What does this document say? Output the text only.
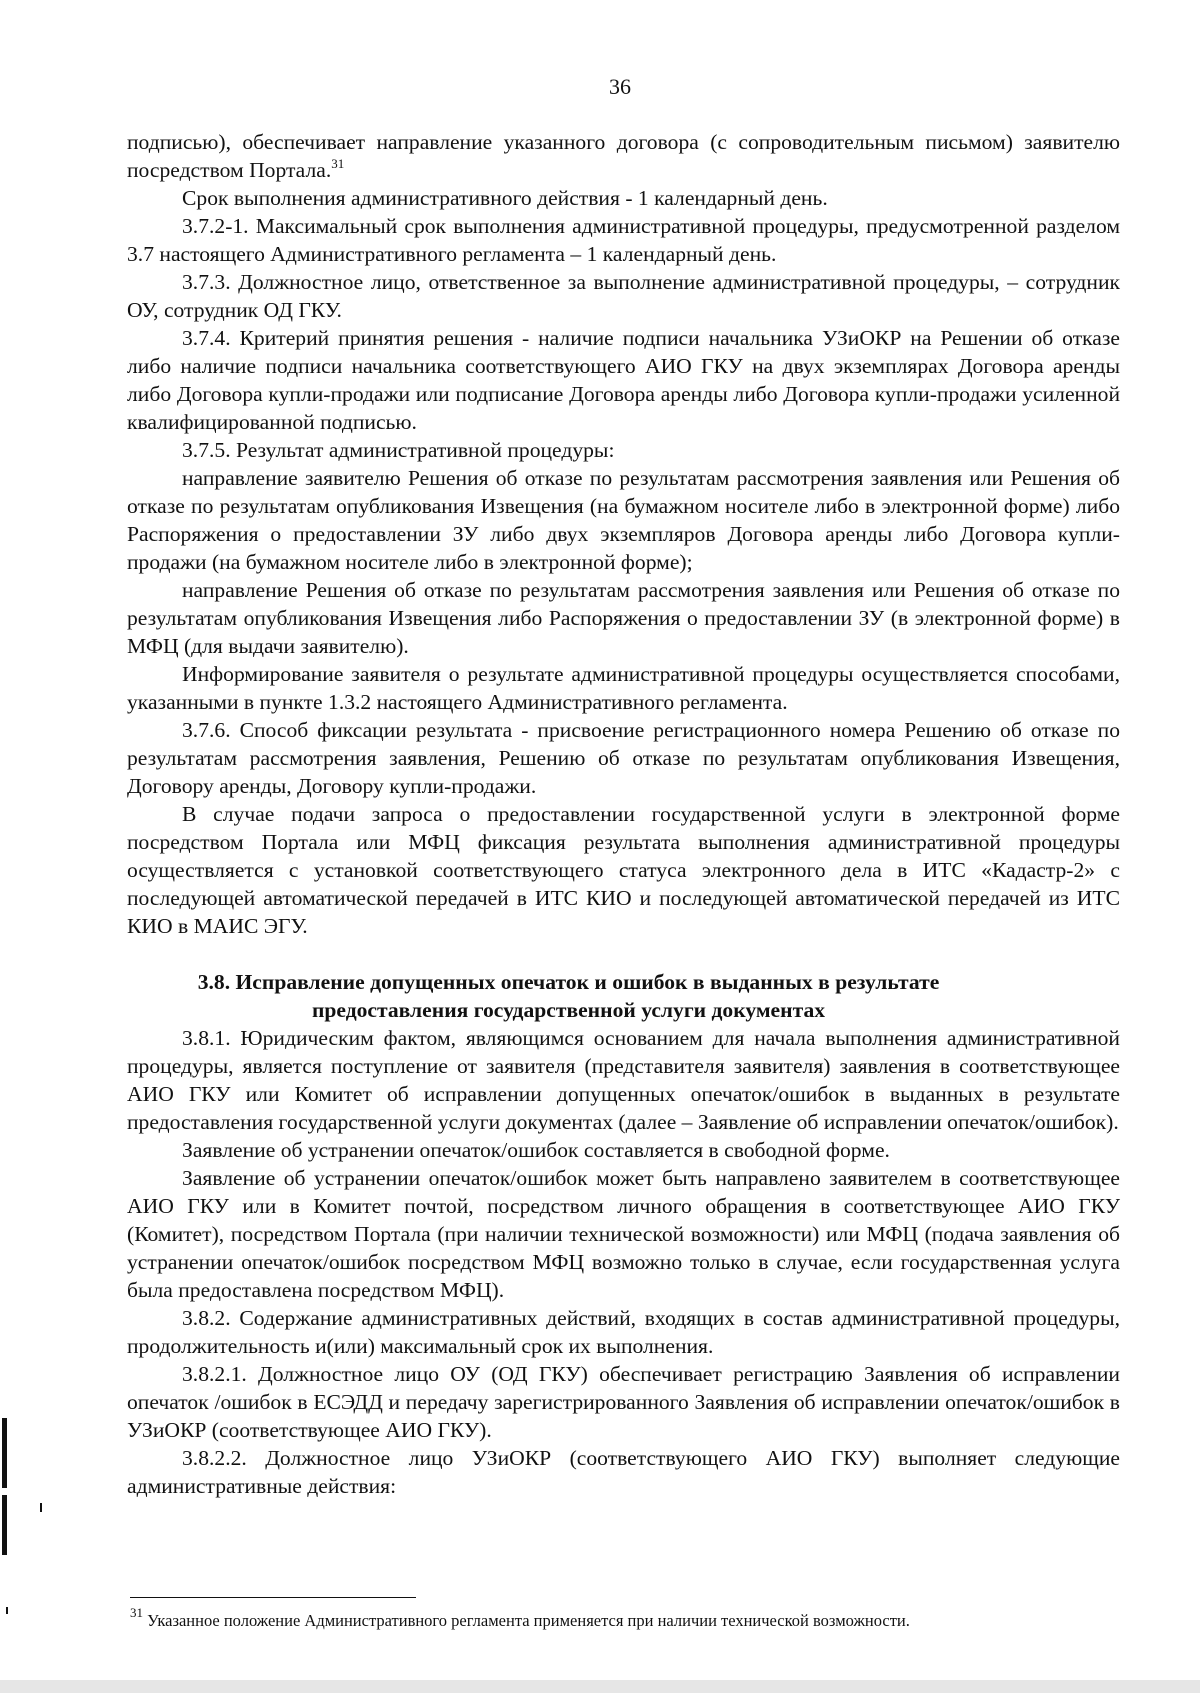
36

подписью), обеспечивает направление указанного договора (с сопроводительным письмом) заявителю посредством Портала.$^{31}$

Срок выполнения административного действия - 1 календарный день.

3.7.2-1. Максимальный срок выполнения административной процедуры, предусмотренной разделом 3.7 настоящего Административного регламента – 1 календарный день.

3.7.3. Должностное лицо, ответственное за выполнение административной процедуры, – сотрудник ОУ, сотрудник ОД ГКУ.

3.7.4. Критерий принятия решения - наличие подписи начальника УЗиОКР на Решении об отказе либо наличие подписи начальника соответствующего АИО ГКУ на двух экземплярах Договора аренды либо Договора купли-продажи или подписание Договора аренды либо Договора купли-продажи усиленной квалифицированной подписью.

3.7.5. Результат административной процедуры:

направление заявителю Решения об отказе по результатам рассмотрения заявления или Решения об отказе по результатам опубликования Извещения (на бумажном носителе либо в электронной форме) либо Распоряжения о предоставлении ЗУ либо двух экземпляров Договора аренды либо Договора купли-продажи (на бумажном носителе либо в электронной форме);

направление Решения об отказе по результатам рассмотрения заявления или Решения об отказе по результатам опубликования Извещения либо Распоряжения о предоставлении ЗУ (в электронной форме) в МФЦ (для выдачи заявителю).

Информирование заявителя о результате административной процедуры осуществляется способами, указанными в пункте 1.3.2 настоящего Административного регламента.

3.7.6. Способ фиксации результата - присвоение регистрационного номера Решению об отказе по результатам рассмотрения заявления, Решению об отказе по результатам опубликования Извещения, Договору аренды, Договору купли-продажи.

В случае подачи запроса о предоставлении государственной услуги в электронной форме посредством Портала или МФЦ фиксация результата выполнения административной процедуры осуществляется с установкой соответствующего статуса электронного дела в ИТС «Кадастр-2» с последующей автоматической передачей в ИТС КИО и последующей автоматической передачей из ИТС КИО в МАИС ЭГУ.

3.8. Исправление допущенных опечаток и ошибок в выданных в результате предоставления государственной услуги документах

3.8.1. Юридическим фактом, являющимся основанием для начала выполнения административной процедуры, является поступление от заявителя (представителя заявителя) заявления в соответствующее АИО ГКУ или Комитет об исправлении допущенных опечаток/ошибок в выданных в результате предоставления государственной услуги документах (далее – Заявление об исправлении опечаток/ошибок).

Заявление об устранении опечаток/ошибок составляется в свободной форме.

Заявление об устранении опечаток/ошибок может быть направлено заявителем в соответствующее АИО ГКУ или в Комитет почтой, посредством личного обращения в соответствующее АИО ГКУ (Комитет), посредством Портала (при наличии технической возможности) или МФЦ (подача заявления об устранении опечаток/ошибок посредством МФЦ возможно только в случае, если государственная услуга была предоставлена посредством МФЦ).

3.8.2. Содержание административных действий, входящих в состав административной процедуры, продолжительность и(или) максимальный срок их выполнения.

3.8.2.1. Должностное лицо ОУ (ОД ГКУ) обеспечивает регистрацию Заявления об исправлении опечаток /ошибок в ЕСЭДД и передачу зарегистрированного Заявления об исправлении опечаток/ошибок в УЗиОКР (соответствующее АИО ГКУ).

3.8.2.2. Должностное лицо УЗиОКР (соответствующего АИО ГКУ) выполняет следующие административные действия:

$^{31}$ Указанное положение Административного регламента применяется при наличии технической возможности.
